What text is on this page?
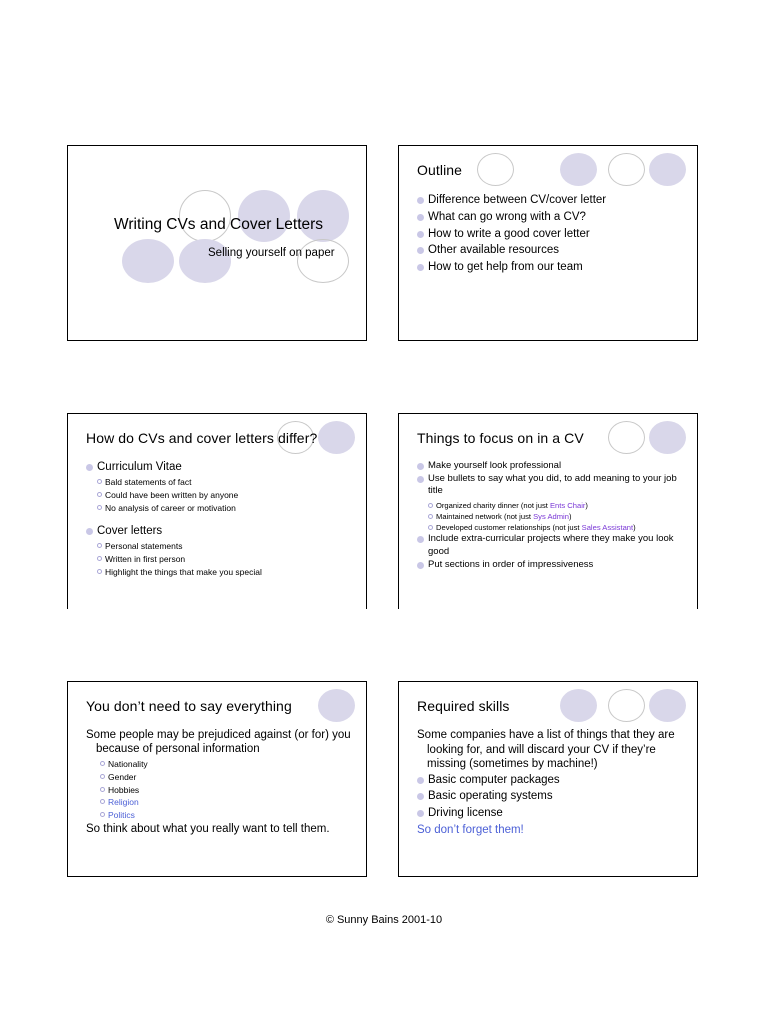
Writing CVs and Cover Letters
Selling yourself on paper
Outline
Difference between CV/cover letter
What can go wrong with a CV?
How to write a good cover letter
Other available resources
How to get help from our team
How do CVs and cover letters differ?
Curriculum Vitae
Bald statements of fact
Could have been written by anyone
No analysis of career or motivation
Cover letters
Personal statements
Written in first person
Highlight the things that make you special
Things to focus on in a CV
Make yourself look professional
Use bullets to say what you did, to add meaning to your job title
Organized charity dinner (not just Ents Chair)
Maintained network (not just Sys Admin)
Developed customer relationships (not just Sales Assistant)
Include extra-curricular projects where they make you look good
Put sections in order of impressiveness
You don’t need to say everything
Some people may be prejudiced against (or for) you because of personal information
Nationality
Gender
Hobbies
Religion
Politics
So think about what you really want to tell them.
Required skills
Some companies have a list of things that they are looking for, and will discard your CV if they’re missing (sometimes by machine!)
Basic computer packages
Basic operating systems
Driving license
So don’t forget them!
© Sunny Bains 2001-10
